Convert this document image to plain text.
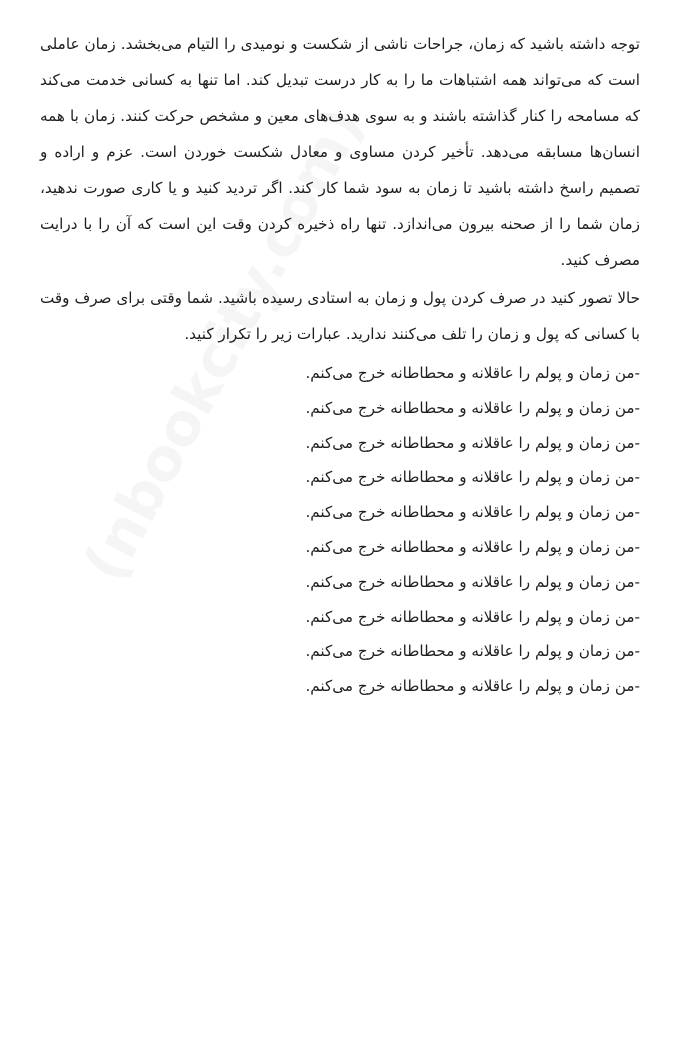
توجه داشته باشید که زمان، جراحات ناشی از شکست و نومیدی را التیام می‌بخشد. زمان عاملی است که می‌تواند همه اشتباهات ما را به کار درست تبدیل کند. اما تنها به کسانی خدمت می‌کند که مسامحه را کنار گذاشته باشند و به سوی هدف‌های معین و مشخص حرکت کنند. زمان با همه انسان‌ها مسابقه می‌دهد. تأخیر کردن مساوی و معادل شکست خوردن است. عزم و اراده و تصمیم راسخ داشته باشید تا زمان به سود شما کار کند. اگر تردید کنید و یا کاری صورت ندهید، زمان شما را از صحنه بیرون می‌اندازد. تنها راه ذخیره کردن وقت این است که آن را با درایت مصرف کنید.

حالا تصور کنید در صرف کردن پول و زمان به استادی رسیده باشید. شما وقتی برای صرف وقت با کسانی که پول و زمان را تلف می‌کنند ندارید. عبارات زیر را تکرار کنید.

-من زمان و پولم را عاقلانه و محطاطانه خرج می‌کنم.
-من زمان و پولم را عاقلانه و محطاطانه خرج می‌کنم.
-من زمان و پولم را عاقلانه و محطاطانه خرج می‌کنم.
-من زمان و پولم را عاقلانه و محطاطانه خرج می‌کنم.
-من زمان و پولم را عاقلانه و محطاطانه خرج می‌کنم.
-من زمان و پولم را عاقلانه و محطاطانه خرج می‌کنم.
-من زمان و پولم را عاقلانه و محطاطانه خرج می‌کنم.
-من زمان و پولم را عاقلانه و محطاطانه خرج می‌کنم.
-من زمان و پولم را عاقلانه و محطاطانه خرج می‌کنم.
-من زمان و پولم را عاقلانه و محطاطانه خرج می‌کنم.
